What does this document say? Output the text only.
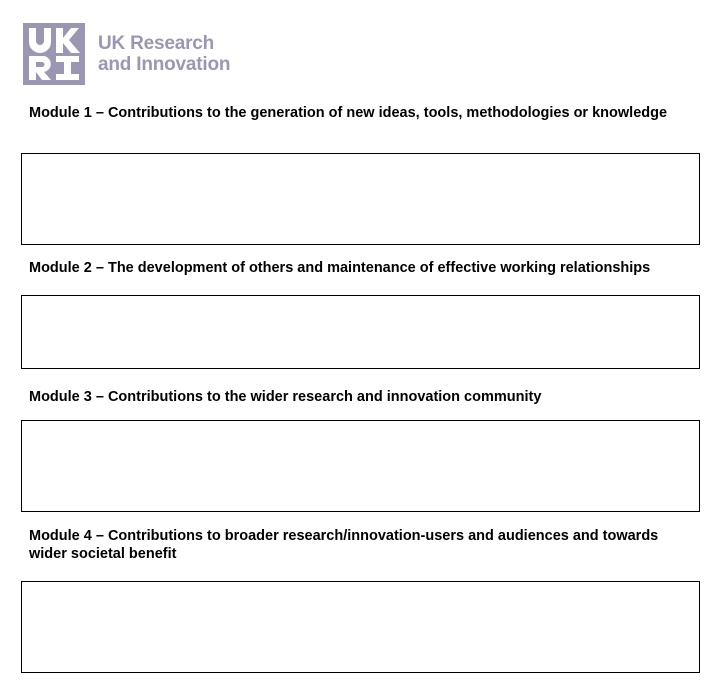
UK Research
and Innovation

Module 1 – Contributions to the generation of new ideas, tools, methodologies or knowledge

Module 2 – The development of others and maintenance of effective working relationships

Module 3 – Contributions to the wider research and innovation community

Module 4 – Contributions to broader research/innovation-users and audiences and towards wider societal benefit
